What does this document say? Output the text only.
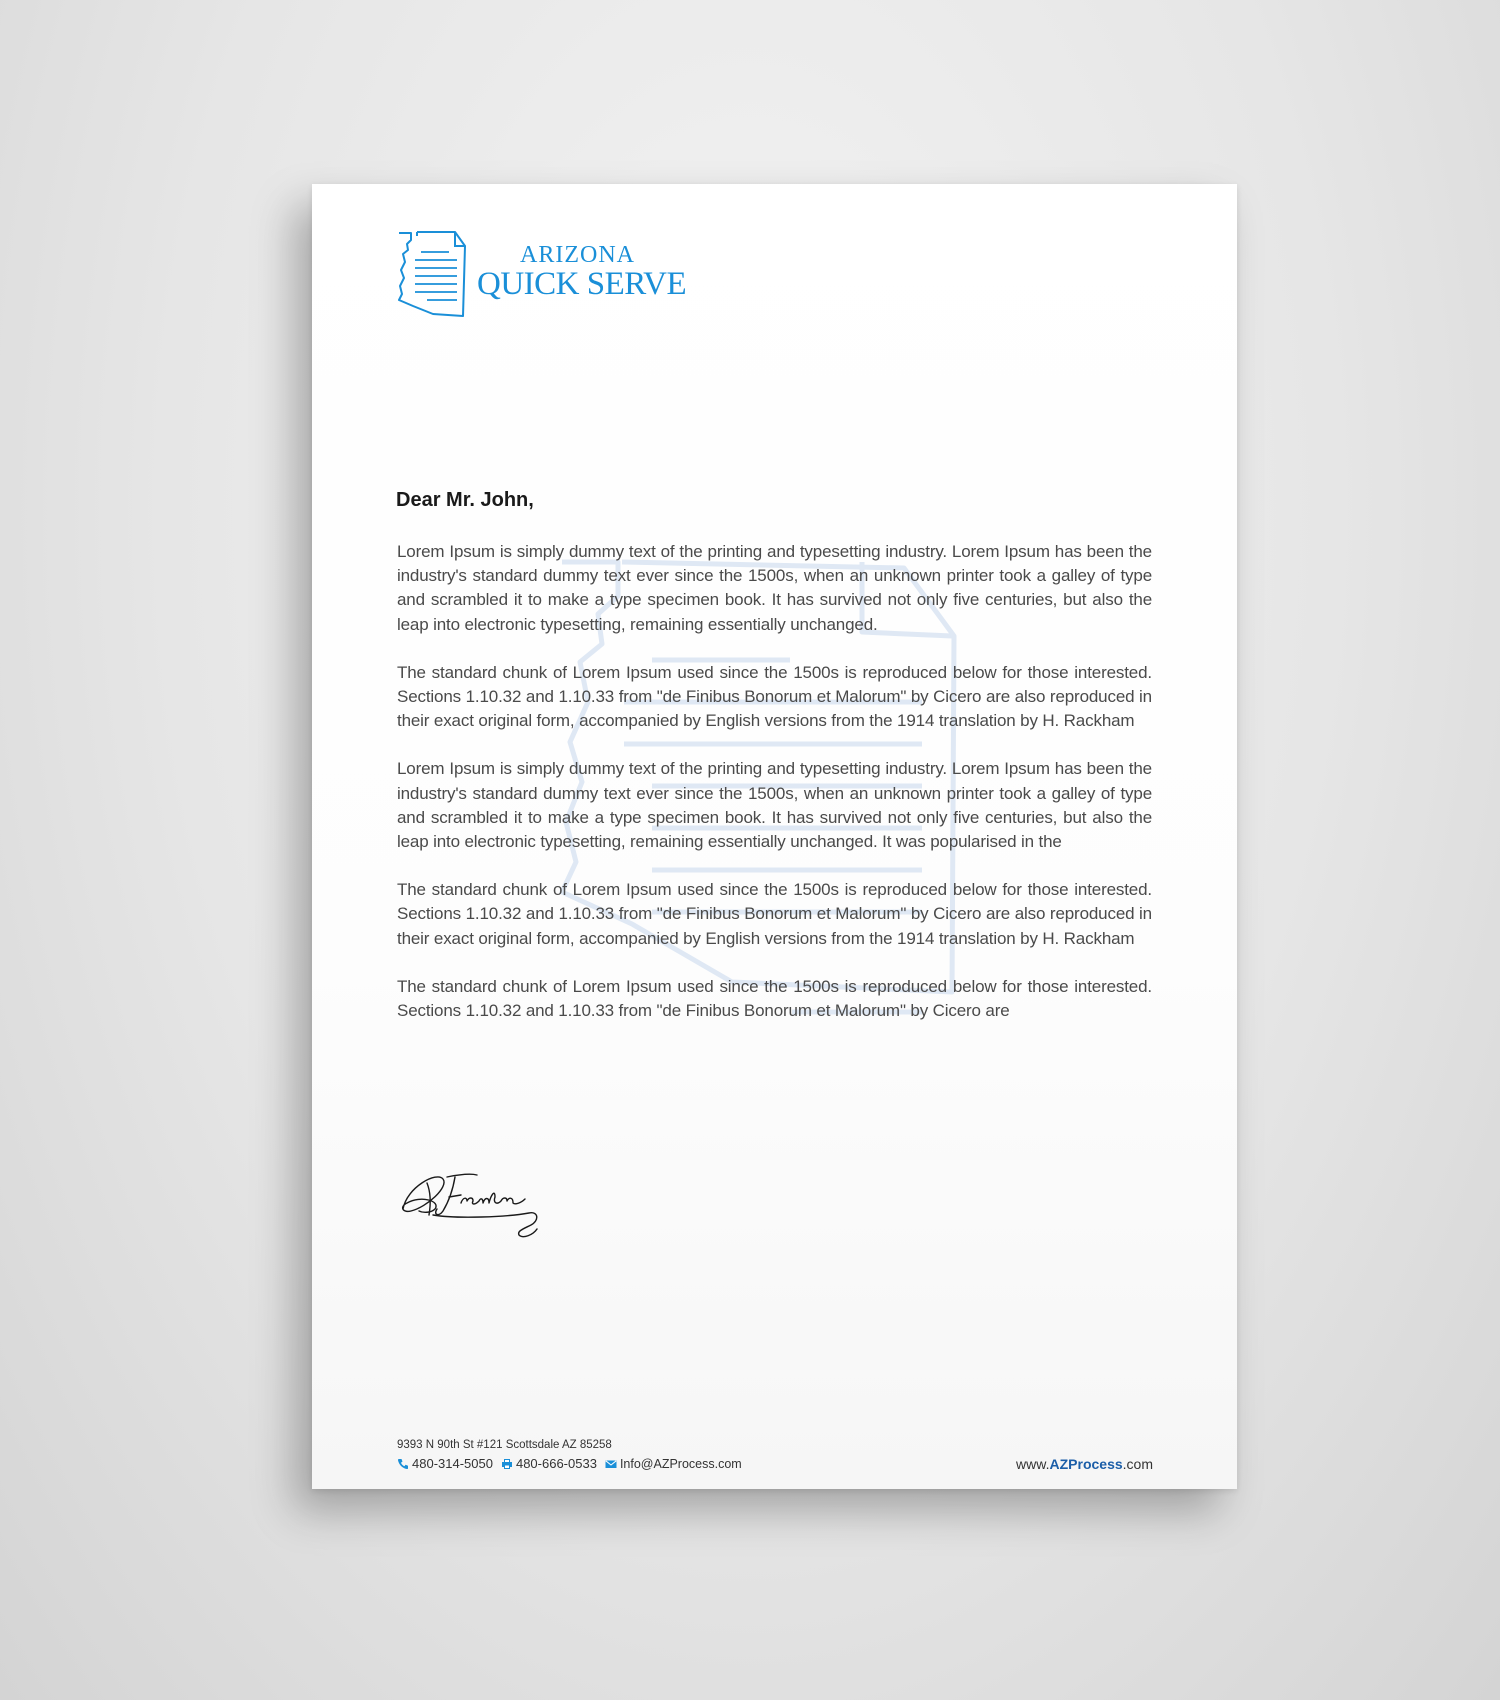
ARIZONA
QUICK SERVE
Dear Mr. John,

Lorem Ipsum is simply dummy text of the printing and typesetting industry. Lorem Ipsum has been the industry's standard dummy text ever since the 1500s, when an unknown printer took a galley of type and scrambled it to make a type specimen book. It has survived not only five centuries, but also the leap into electronic typesetting, remaining essentially unchanged.

The standard chunk of Lorem Ipsum used since the 1500s is reproduced below for those interested. Sections 1.10.32 and 1.10.33 from "de Finibus Bonorum et Malorum" by Cicero are also reproduced in their exact original form, accompanied by English versions from the 1914 translation by H. Rackham

Lorem Ipsum is simply dummy text of the printing and typesetting industry. Lorem Ipsum has been the industry's standard dummy text ever since the 1500s, when an unknown printer took a galley of type and scrambled it to make a type specimen book. It has survived not only five centuries, but also the leap into electronic typesetting, remaining essentially unchanged. It was popularised in the

The standard chunk of Lorem Ipsum used since the 1500s is reproduced below for those interested. Sections 1.10.32 and 1.10.33 from "de Finibus Bonorum et Malorum" by Cicero are also reproduced in their exact original form, accompanied by English versions from the 1914 translation by H. Rackham

The standard chunk of Lorem Ipsum used since the 1500s is reproduced below for those interested. Sections 1.10.32 and 1.10.33 from "de Finibus Bonorum et Malorum" by Cicero are

9393 N 90th St #121 Scottsdale AZ 85258
480-314-5050 480-666-0533 Info@AZProcess.com	www.AZProcess.com
